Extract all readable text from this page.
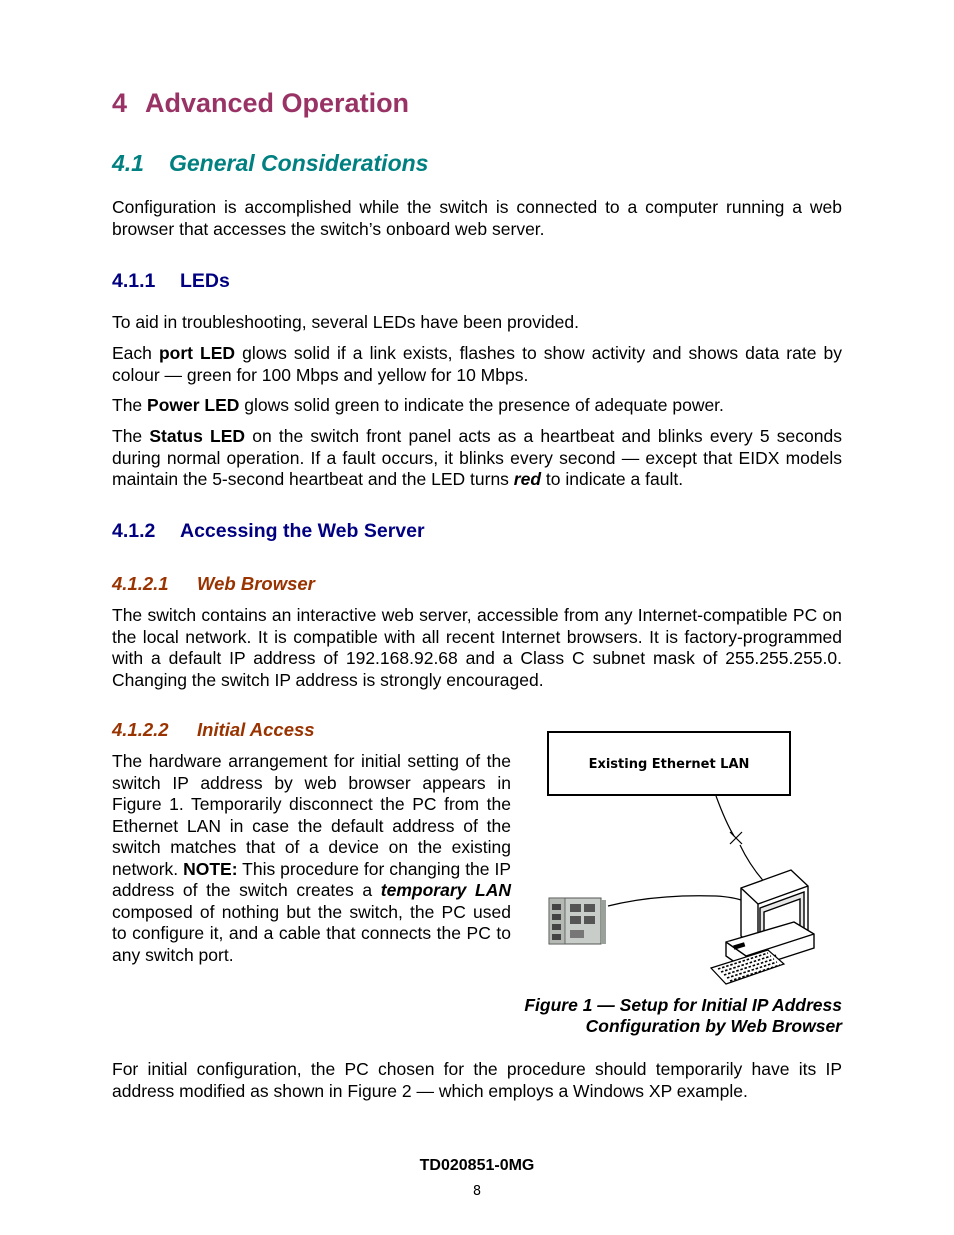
4 Advanced Operation
4.1 General Considerations
Configuration is accomplished while the switch is connected to a computer running a web browser that accesses the switch’s onboard web server.
4.1.1 LEDs
To aid in troubleshooting, several LEDs have been provided.
Each port LED glows solid if a link exists, flashes to show activity and shows data rate by colour — green for 100 Mbps and yellow for 10 Mbps.
The Power LED glows solid green to indicate the presence of adequate power.
The Status LED on the switch front panel acts as a heartbeat and blinks every 5 seconds during normal operation. If a fault occurs, it blinks every second — except that EIDX models maintain the 5-second heartbeat and the LED turns red to indicate a fault.
4.1.2 Accessing the Web Server
4.1.2.1 Web Browser
The switch contains an interactive web server, accessible from any Internet-compatible PC on the local network. It is compatible with all recent Internet browsers. It is factory-programmed with a default IP address of 192.168.92.68 and a Class C subnet mask of 255.255.255.0. Changing the switch IP address is strongly encouraged.
4.1.2.2 Initial Access
The hardware arrangement for initial setting of the switch IP address by web browser appears in Figure 1. Temporarily disconnect the PC from the Ethernet LAN in case the default address of the switch matches that of a device on the existing network. NOTE: This procedure for changing the IP address of the switch creates a temporary LAN composed of nothing but the switch, the PC used to configure it, and a cable that connects the PC to any switch port.
Existing Ethernet LAN
Figure 1 — Setup for Initial IP Address
Configuration by Web Browser
For initial configuration, the PC chosen for the procedure should temporarily have its IP address modified as shown in Figure 2 — which employs a Windows XP example.
TD020851-0MG
8
